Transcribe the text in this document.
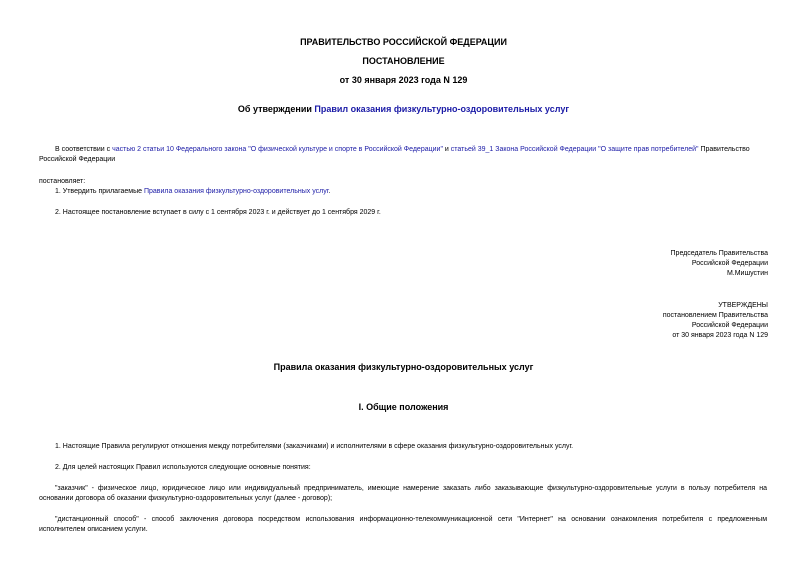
ПРАВИТЕЛЬСТВО РОССИЙСКОЙ ФЕДЕРАЦИИ
ПОСТАНОВЛЕНИЕ
от 30 января 2023 года N 129
Об утверждении Правил оказания физкультурно-оздоровительных услуг
В соответствии с частью 2 статьи 10 Федерального закона "О физической культуре и спорте в Российской Федерации" и статьей 39_1 Закона Российской Федерации "О защите прав потребителей" Правительство
Российской Федерации
постановляет:
1. Утвердить прилагаемые Правила оказания физкультурно-оздоровительных услуг.
2. Настоящее постановление вступает в силу с 1 сентября 2023 г. и действует до 1 сентября 2029 г.
Председатель Правительства
Российской Федерации
М.Мишустин
УТВЕРЖДЕНЫ
постановлением Правительства
Российской Федерации
от 30 января 2023 года N 129
Правила оказания физкультурно-оздоровительных услуг
I. Общие положения
1. Настоящие Правила регулируют отношения между потребителями (заказчиками) и исполнителями в сфере оказания физкультурно-оздоровительных услуг.
2. Для целей настоящих Правил используются следующие основные понятия:
"заказчик" - физическое лицо, юридическое лицо или индивидуальный предприниматель, имеющие намерение заказать либо заказывающие физкультурно-оздоровительные услуги в пользу потребителя на
основании договора об оказании физкультурно-оздоровительных услуг (далее - договор);
"дистанционный способ" - способ заключения договора посредством использования информационно-телекоммуникационной сети "Интернет" на основании ознакомления потребителя с предложенным
исполнителем описанием услуги.
